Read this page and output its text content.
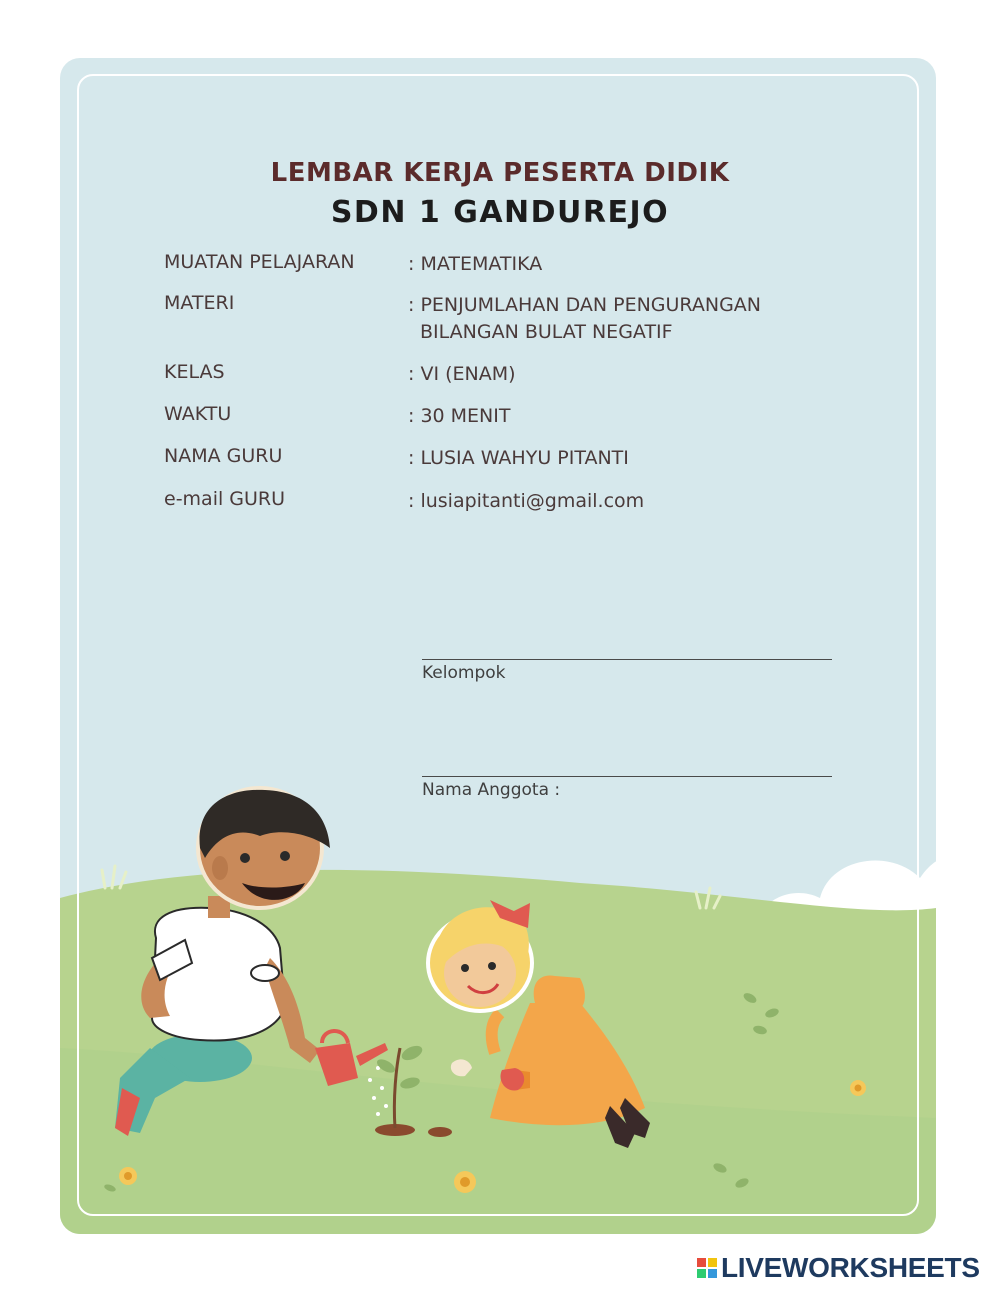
LEMBAR KERJA PESERTA DIDIK
SDN 1 GANDUREJO
MUATAN PELAJARAN	: MATEMATIKA
MATERI	: PENJUMLAHAN DAN PENGURANGAN
BILANGAN BULAT NEGATIF
KELAS	: VI (ENAM)
WAKTU	: 30 MENIT
NAMA GURU	: LUSIA WAHYU PITANTI
e-mail GURU	: lusiapitanti@gmail.com
Kelompok
Nama Anggota :
LIVEWORKSHEETS
